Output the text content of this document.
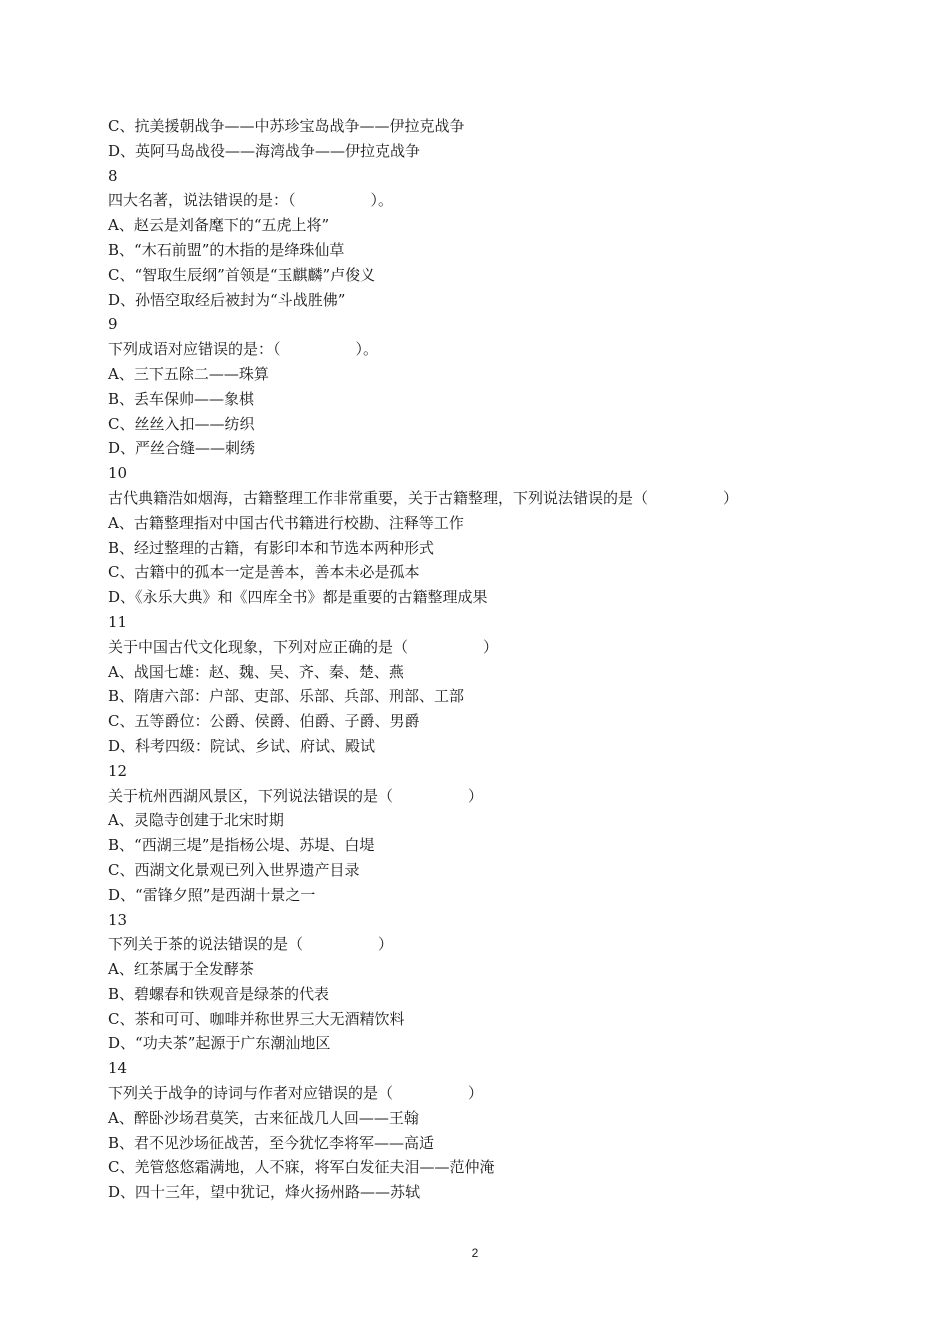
C、抗美援朝战争——中苏珍宝岛战争——伊拉克战争
D、英阿马岛战役——海湾战争——伊拉克战争
8
四大名著，说法错误的是：（　　　　　）。
A、赵云是刘备麾下的“五虎上将”
B、“木石前盟”的木指的是绛珠仙草
C、“智取生辰纲”首领是“玉麒麟”卢俊义
D、孙悟空取经后被封为“斗战胜佛”
9
下列成语对应错误的是：（　　　　　）。
A、三下五除二——珠算
B、丢车保帅——象棋
C、丝丝入扣——纺织
D、严丝合缝——刺绣
10
古代典籍浩如烟海，古籍整理工作非常重要，关于古籍整理，下列说法错误的是（　　　　　）
A、古籍整理指对中国古代书籍进行校勘、注释等工作
B、经过整理的古籍，有影印本和节选本两种形式
C、古籍中的孤本一定是善本，善本未必是孤本
D、《永乐大典》和《四库全书》都是重要的古籍整理成果
11
关于中国古代文化现象，下列对应正确的是（　　　　　）
A、战国七雄：赵、魏、吴、齐、秦、楚、燕
B、隋唐六部：户部、吏部、乐部、兵部、刑部、工部
C、五等爵位：公爵、侯爵、伯爵、子爵、男爵
D、科考四级：院试、乡试、府试、殿试
12
关于杭州西湖风景区，下列说法错误的是（　　　　　）
A、灵隐寺创建于北宋时期
B、“西湖三堤”是指杨公堤、苏堤、白堤
C、西湖文化景观已列入世界遗产目录
D、“雷锋夕照”是西湖十景之一
13
下列关于茶的说法错误的是（　　　　　）
A、红茶属于全发酵茶
B、碧螺春和铁观音是绿茶的代表
C、茶和可可、咖啡并称世界三大无酒精饮料
D、“功夫茶”起源于广东潮汕地区
14
下列关于战争的诗词与作者对应错误的是（　　　　　）
A、醉卧沙场君莫笑，古来征战几人回——王翰
B、君不见沙场征战苦，至今犹忆李将军——高适
C、羌管悠悠霜满地，人不寐，将军白发征夫泪——范仲淹
D、四十三年，望中犹记，烽火扬州路——苏轼
2
